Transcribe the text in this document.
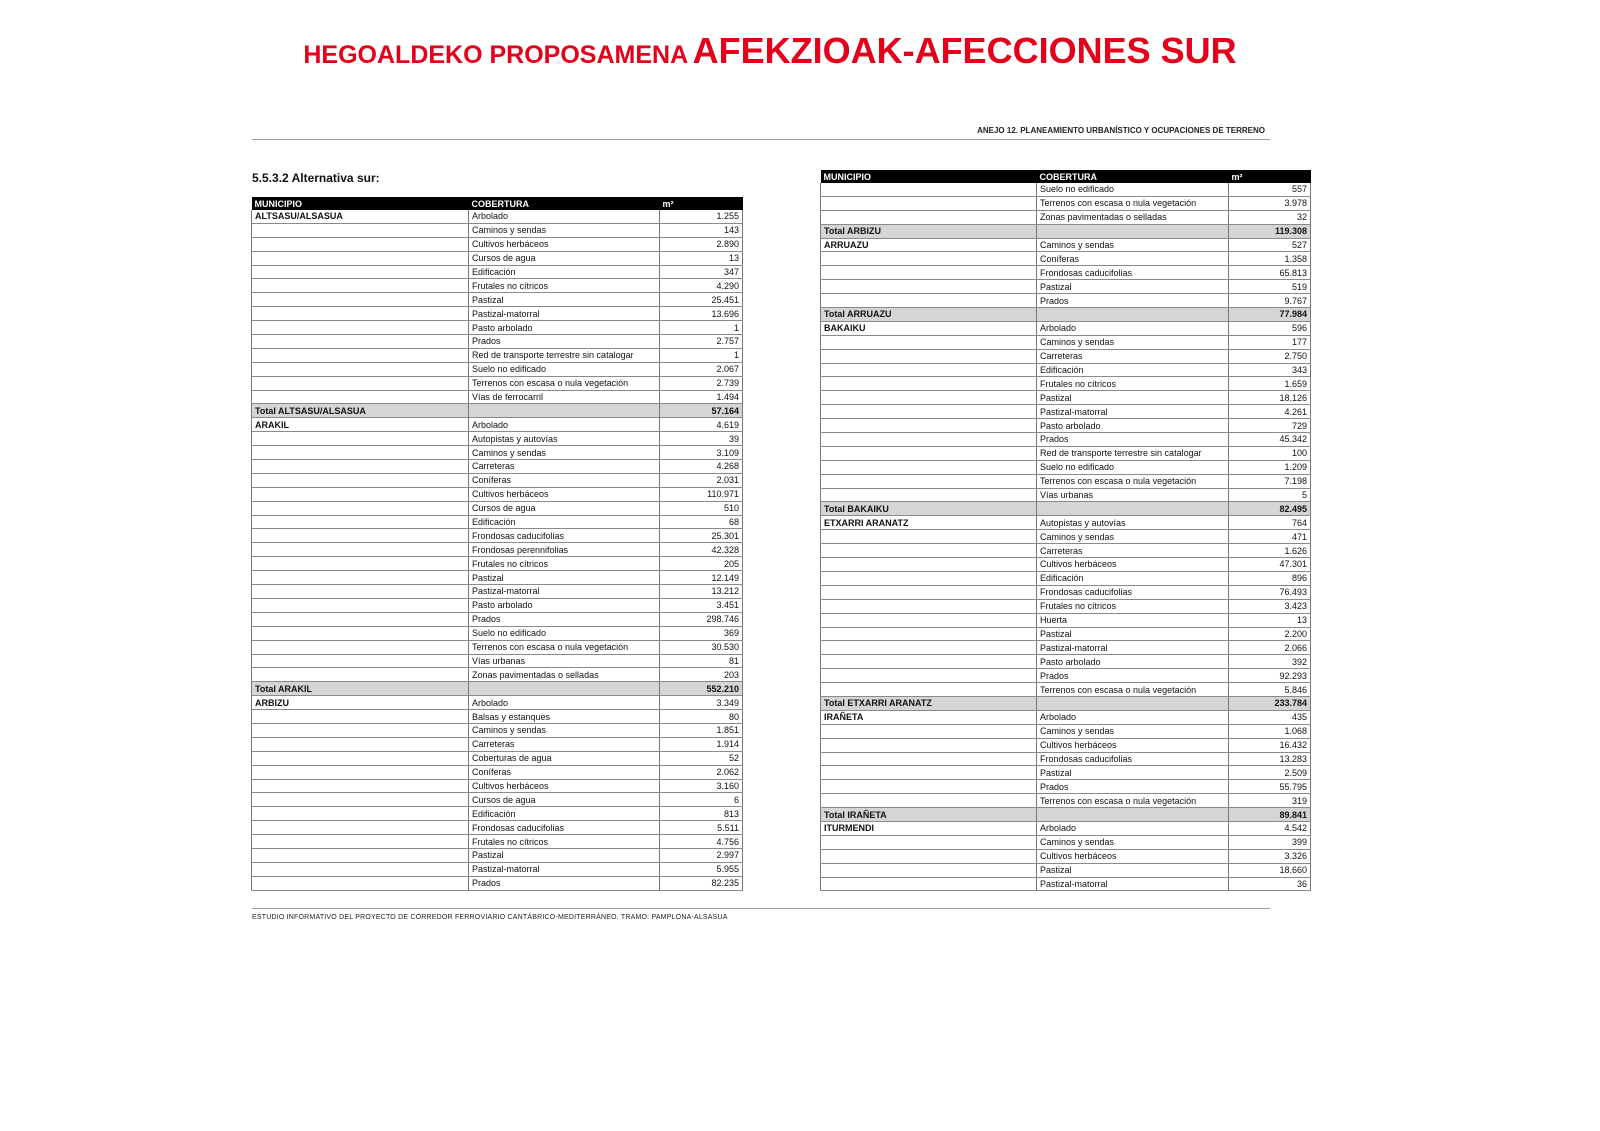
HEGOALDEKO PROPOSAMENA AFEKZIOAK-AFECCIONES SUR
ANEJO 12. PLANEAMIENTO URBANÍSTICO Y OCUPACIONES DE TERRENO
5.5.3.2 Alternativa sur:
MUNICIPIO	COBERTURA	m²
ALTSASU/ALSASUA	Arbolado	1.255
	Caminos y sendas	143
	Cultivos herbáceos	2.890
	Cursos de agua	13
	Edificación	347
	Frutales no cítricos	4.290
	Pastizal	25.451
	Pastizal-matorral	13.696
	Pasto arbolado	1
	Prados	2.757
	Red de transporte terrestre sin catalogar	1
	Suelo no edificado	2.067
	Terrenos con escasa o nula vegetación	2.739
	Vías de ferrocarril	1.494
Total ALTSASU/ALSASUA		57.164
ARAKIL	Arbolado	4.619
	Autopistas y autovías	39
	Caminos y sendas	3.109
	Carreteras	4.268
	Coníferas	2.031
	Cultivos herbáceos	110.971
	Cursos de agua	510
	Edificación	68
	Frondosas caducifolias	25.301
	Frondosas perennifolias	42.328
	Frutales no cítricos	205
	Pastizal	12.149
	Pastizal-matorral	13.212
	Pasto arbolado	3.451
	Prados	298.746
	Suelo no edificado	369
	Terrenos con escasa o nula vegetación	30.530
	Vías urbanas	81
	Zonas pavimentadas o selladas	203
Total ARAKIL		552.210
ARBIZU	Arbolado	3.349
	Balsas y estanques	80
	Caminos y sendas	1.851
	Carreteras	1.914
	Coberturas de agua	52
	Coníferas	2.062
	Cultivos herbáceos	3.160
	Cursos de agua	6
	Edificación	813
	Frondosas caducifolias	5.511
	Frutales no cítricos	4.756
	Pastizal	2.997
	Pastizal-matorral	5.955
	Prados	82.235
MUNICIPIO	COBERTURA	m²
	Suelo no edificado	557
	Terrenos con escasa o nula vegetación	3.978
	Zonas pavimentadas o selladas	32
Total ARBIZU		119.308
ARRUAZU	Caminos y sendas	527
	Coníferas	1.358
	Frondosas caducifolias	65.813
	Pastizal	519
	Prados	9.767
Total ARRUAZU		77.984
BAKAIKU	Arbolado	596
	Caminos y sendas	177
	Carreteras	2.750
	Edificación	343
	Frutales no cítricos	1.659
	Pastizal	18.126
	Pastizal-matorral	4.261
	Pasto arbolado	729
	Prados	45.342
	Red de transporte terrestre sin catalogar	100
	Suelo no edificado	1.209
	Terrenos con escasa o nula vegetación	7.198
	Vías urbanas	5
Total BAKAIKU		82.495
ETXARRI ARANATZ	Autopistas y autovías	764
	Caminos y sendas	471
	Carreteras	1.626
	Cultivos herbáceos	47.301
	Edificación	896
	Frondosas caducifolias	76.493
	Frutales no cítricos	3.423
	Huerta	13
	Pastizal	2.200
	Pastizal-matorral	2.066
	Pasto arbolado	392
	Prados	92.293
	Terrenos con escasa o nula vegetación	5.846
Total ETXARRI ARANATZ		233.784
IRAÑETA	Arbolado	435
	Caminos y sendas	1.068
	Cultivos herbáceos	16.432
	Frondosas caducifolias	13.283
	Pastizal	2.509
	Prados	55.795
	Terrenos con escasa o nula vegetación	319
Total IRAÑETA		89.841
ITURMENDI	Arbolado	4.542
	Caminos y sendas	399
	Cultivos herbáceos	3.326
	Pastizal	18.660
	Pastizal-matorral	36
ESTUDIO INFORMATIVO DEL PROYECTO DE CORREDOR FERROVIARIO CANTÁBRICO-MEDITERRÁNEO. TRAMO: PAMPLONA-ALSASUA
